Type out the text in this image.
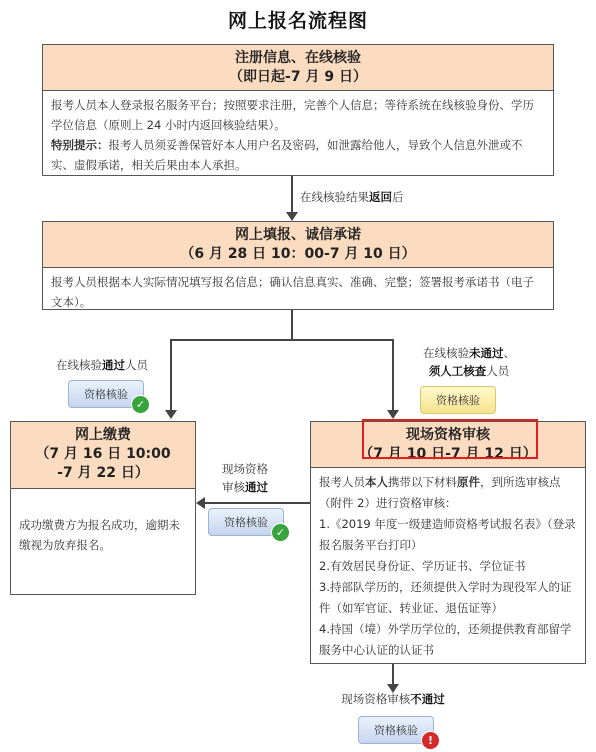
网上报名流程图
注册信息、在线核验
（即日起-7 月 9 日）

报考人员本人登录报名服务平台；按照要求注册，完善个人信息；等待系统在线核验身份、学历学位信息（原则上 24 小时内返回核验结果）。

特别提示：报考人员须妥善保管好本人用户名及密码，如泄露给他人，导致个人信息外泄或不实、虚假承诺，相关后果由本人承担。

在线核验结果返回后
网上填报、诚信承诺
（6 月 28 日 10：00-7 月 10 日）

报考人员根据本人实际情况填写报名信息；确认信息真实、准确、完整；签署报考承诺书（电子文本）。

在线核验通过人员
资格核验
✓
在线核验未通过、
须人工核查人员
资格核验
网上缴费
（7 月 16 日 10:00
-7 月 22 日）

成功缴费方为报名成功，逾期未缴视为放弃报名。

现场资格
审核通过
资格核验
✓
现场资格审核
（7 月 10 日-7 月 12 日）

报考人员本人携带以下材料原件，到所选审核点（附件 2）进行资格审核：

1.《2019 年度一级建造师资格考试报名表》（登录报名服务平台打印）

2.有效居民身份证、学历证书、学位证书

3.持部队学历的，还须提供入学时为现役军人的证件（如军官证、转业证、退伍证等）

4.持国（境）外学历学位的，还须提供教育部留学服务中心认证的认证书

现场资格审核不通过
资格核验
!
